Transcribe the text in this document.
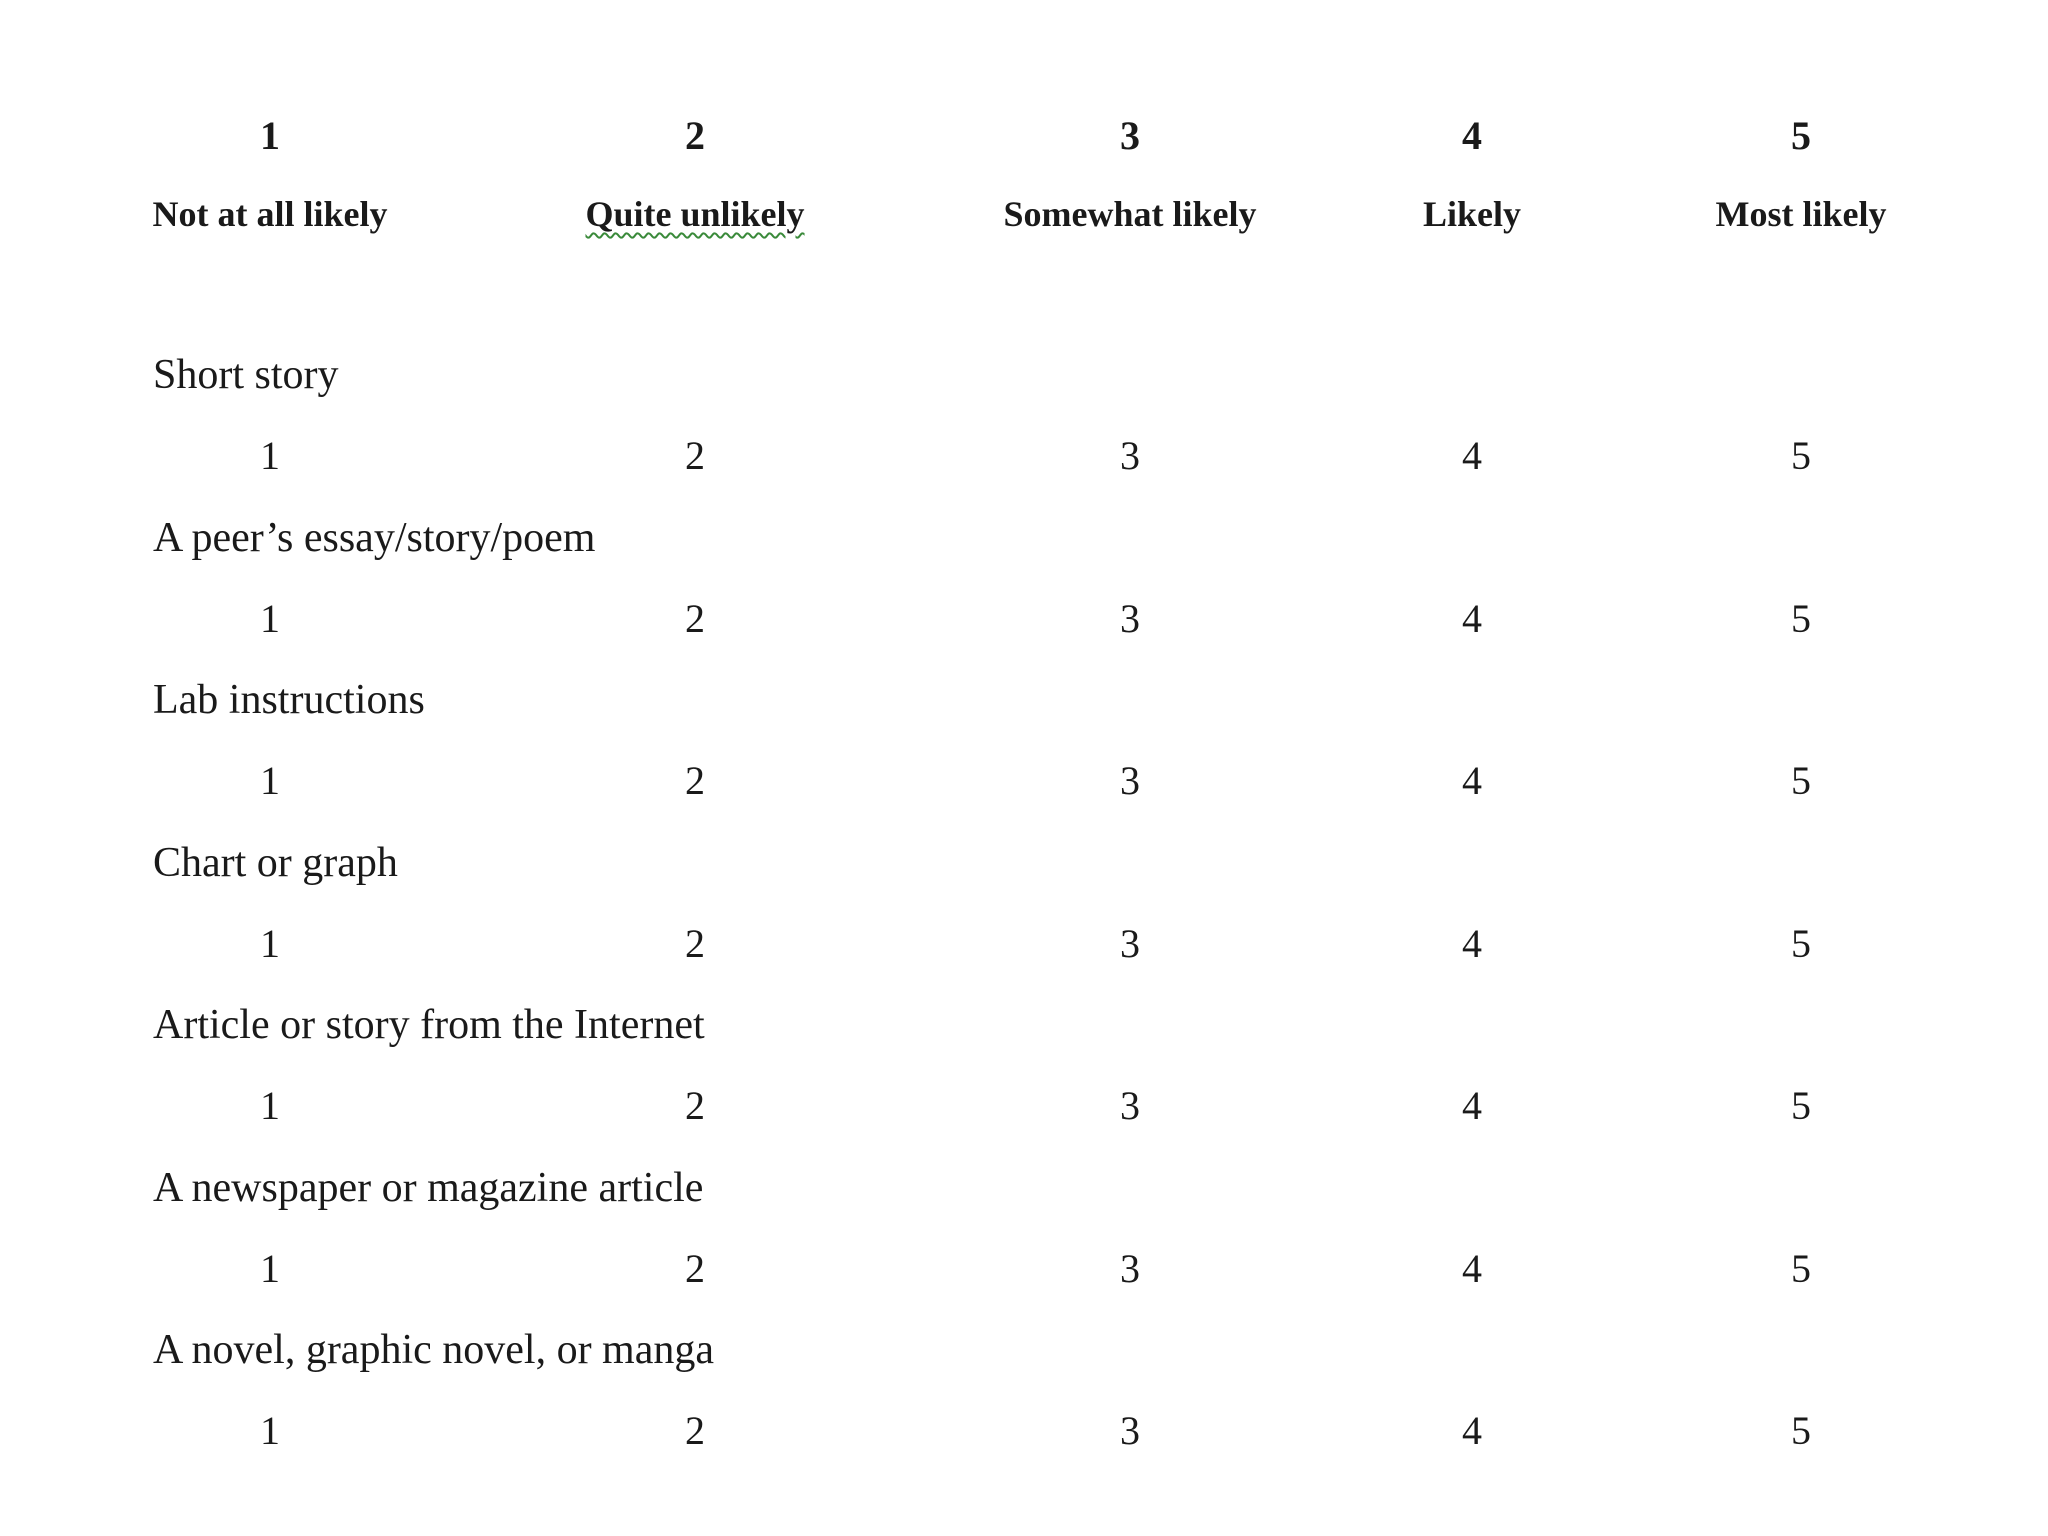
1	2	3	4	5
Not at all likely	Quite unlikely	Somewhat likely	Likely	Most likely
Short story
1	2	3	4	5
A peer’s essay/story/poem
1	2	3	4	5
Lab instructions
1	2	3	4	5
Chart or graph
1	2	3	4	5
Article or story from the Internet
1	2	3	4	5
A newspaper or magazine article
1	2	3	4	5
A novel, graphic novel, or manga
1	2	3	4	5
